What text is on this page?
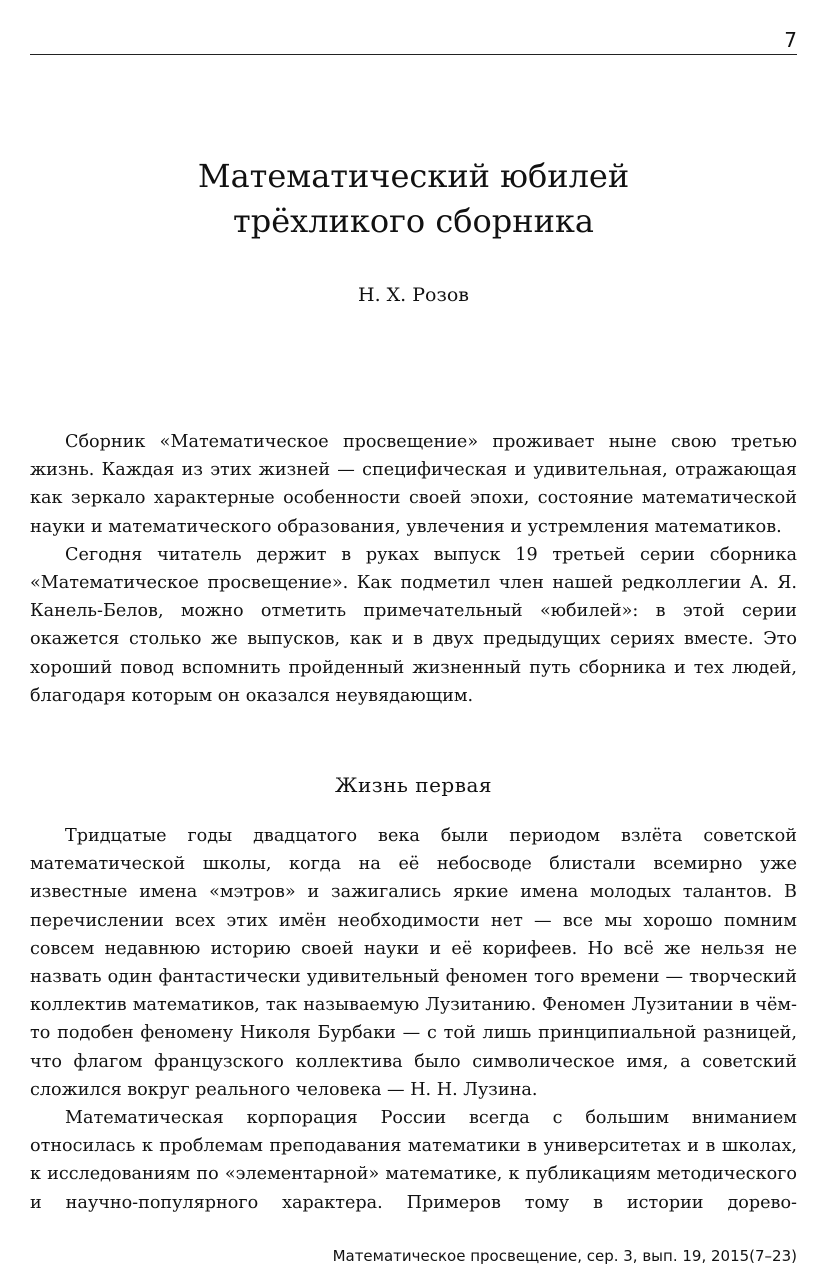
7
Математический юбилей
трёхликого сборника
Н. Х. Розов

Сборник «Математическое просвещение» проживает ныне свою третью жизнь. Каждая из этих жизней — специфическая и удивительная, отражающая как зеркало характерные особенности своей эпохи, состояние математической науки и математического образования, увлечения и устремления математиков.

Сегодня читатель держит в руках выпуск 19 третьей серии сборника «Математическое просвещение». Как подметил член нашей редколлегии А. Я. Канель-Белов, можно отметить примечательный «юбилей»: в этой серии окажется столько же выпусков, как и в двух предыдущих сериях вместе. Это хороший повод вспомнить пройденный жизненный путь сборника и тех людей, благодаря которым он оказался неувядающим.

Жизнь первая

Тридцатые годы двадцатого века были периодом взлёта советской математической школы, когда на её небосводе блистали всемирно уже известные имена «мэтров» и зажигались яркие имена молодых талантов. В перечислении всех этих имён необходимости нет — все мы хорошо помним совсем недавнюю историю своей науки и её корифеев. Но всё же нельзя не назвать один фантастически удивительный феномен того времени — творческий коллектив математиков, так называемую Лузитанию. Феномен Лузитании в чём-то подобен феномену Николя Бурбаки — с той лишь принципиальной разницей, что флагом французского коллектива было символическое имя, а советский сложился вокруг реального человека — Н. Н. Лузина.

Математическая корпорация России всегда с большим вниманием относилась к проблемам преподавания математики в университетах и в школах, к исследованиям по «элементарной» математике, к публикациям методического и научно-популярного характера. Примеров тому в истории дорево-

Математическое просвещение, сер. 3, вып. 19, 2015(7–23)
